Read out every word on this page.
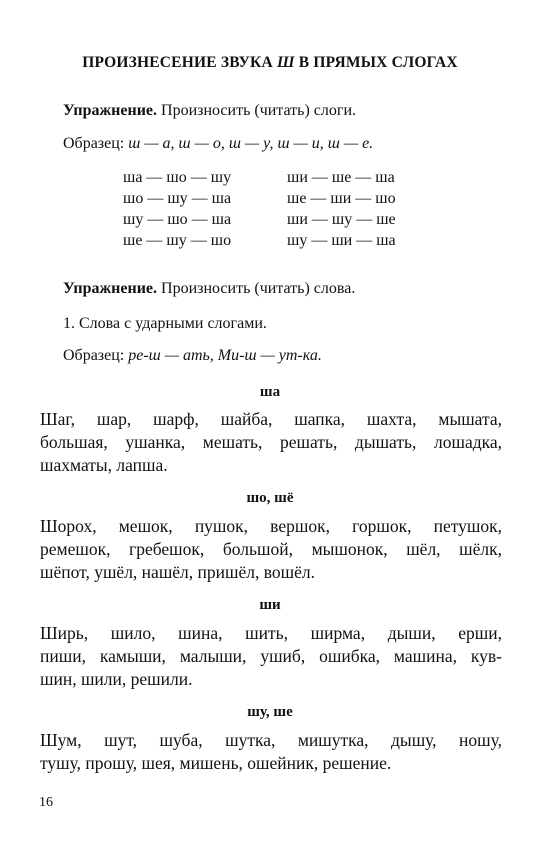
ПРОИЗНЕСЕНИЕ ЗВУКА Ш В ПРЯМЫХ СЛОГАХ
Упражнение. Произносить (читать) слоги.
Образец: ш — а, ш — о, ш — у, ш — и, ш — е.
ша — шо — шу
шо — шу — ша
шу — шо — ша
ше — шу — шо
ши — ше — ша
ше — ши — шо
ши — шу — ше
шу — ши — ша
Упражнение. Произносить (читать) слова.
1. Слова с ударными слогами.
Образец: ре-ш — ать, Ми-ш — ут-ка.
ша
Шаг, шар, шарф, шайба, шапка, шахта, мышата,
большая, ушанка, мешать, решать, дышать, лошадка,
шахматы, лапша.
шо, шё
Шорох, мешок, пушок, вершок, горшок, петушок,
ремешок, гребешок, большой, мышонок, шёл, шёлк,
шёпот, ушёл, нашёл, пришёл, вошёл.
ши
Ширь, шило, шина, шить, ширма, дыши, ерши,
пиши, камыши, малыши, ушиб, ошибка, машина, кув-
шин, шили, решили.
шу, ше
Шум, шут, шуба, шутка, мишутка, дышу, ношу,
тушу, прошу, шея, мишень, ошейник, решение.
16
